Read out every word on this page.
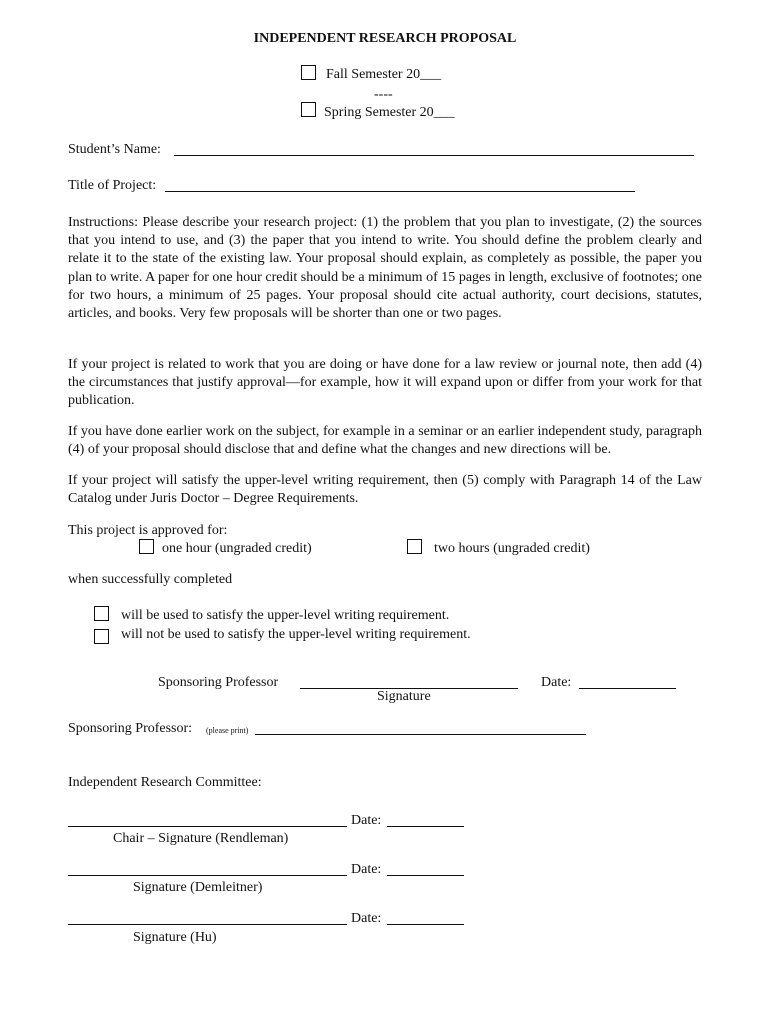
INDEPENDENT RESEARCH PROPOSAL
Fall Semester 20___
----
Spring Semester 20___
Student’s Name:
Title of Project:
Instructions: Please describe your research project: (1) the problem that you plan to investigate, (2) the sources that you intend to use, and (3) the paper that you intend to write. You should define the problem clearly and relate it to the state of the existing law. Your proposal should explain, as completely as possible, the paper you plan to write. A paper for one hour credit should be a minimum of 15 pages in length, exclusive of footnotes; one for two hours, a minimum of 25 pages. Your proposal should cite actual authority, court decisions, statutes, articles, and books. Very few proposals will be shorter than one or two pages.
If your project is related to work that you are doing or have done for a law review or journal note, then add (4) the circumstances that justify approval—for example, how it will expand upon or differ from your work for that publication.
If you have done earlier work on the subject, for example in a seminar or an earlier independent study, paragraph (4) of your proposal should disclose that and define what the changes and new directions will be.
If your project will satisfy the upper-level writing requirement, then (5) comply with Paragraph 14 of the Law Catalog under Juris Doctor – Degree Requirements.
This project is approved for:
one hour (ungraded credit)	two hours (ungraded credit)
when successfully completed
will be used to satisfy the upper-level writing requirement.
will not be used to satisfy the upper-level writing requirement.
Sponsoring Professor
Signature
Date:
Sponsoring Professor: (please print)
Independent Research Committee:
Date:
Chair – Signature (Rendleman)
Date:
Signature (Demleitner)
Date:
Signature (Hu)
